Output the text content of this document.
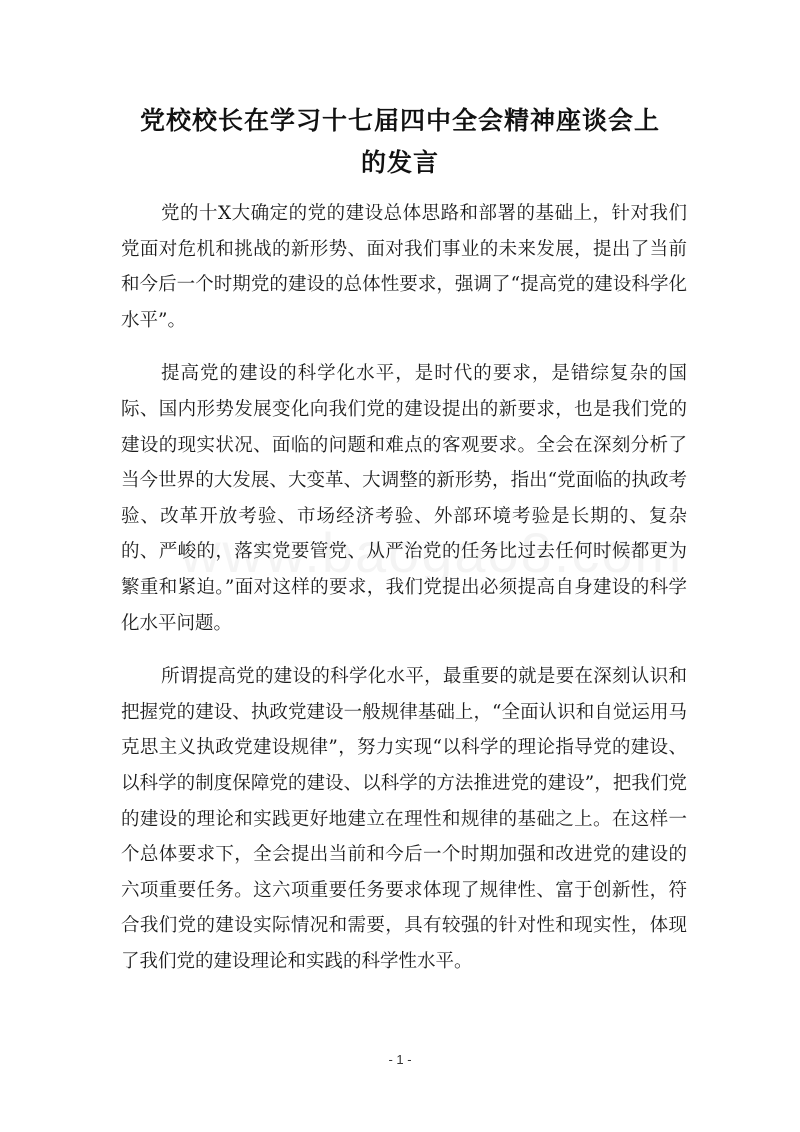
党校校长在学习十七届四中全会精神座谈会上
的发言

党的十Ⅹ大确定的党的建设总体思路和部署的基础上，针对我们党面对危机和挑战的新形势、面对我们事业的未来发展，提出了当前和今后一个时期党的建设的总体性要求，强调了“提高党的建设科学化水平”。

提高党的建设的科学化水平，是时代的要求，是错综复杂的国际、国内形势发展变化向我们党的建设提出的新要求，也是我们党的建设的现实状况、面临的问题和难点的客观要求。全会在深刻分析了当今世界的大发展、大变革、大调整的新形势，指出“党面临的执政考验、改革开放考验、市场经济考验、外部环境考验是长期的、复杂的、严峻的，落实党要管党、从严治党的任务比过去任何时候都更为繁重和紧迫。”面对这样的要求，我们党提出必须提高自身建设的科学化水平问题。

所谓提高党的建设的科学化水平，最重要的就是要在深刻认识和把握党的建设、执政党建设一般规律基础上，“全面认识和自觉运用马克思主义执政党建设规律”，努力实现“以科学的理论指导党的建设、以科学的制度保障党的建设、以科学的方法推进党的建设”，把我们党的建设的理论和实践更好地建立在理性和规律的基础之上。在这样一个总体要求下，全会提出当前和今后一个时期加强和改进党的建设的六项重要任务。这六项重要任务要求体现了规律性、富于创新性，符合我们党的建设实际情况和需要，具有较强的针对性和现实性，体现了我们党的建设理论和实践的科学性水平。

- 1 -
